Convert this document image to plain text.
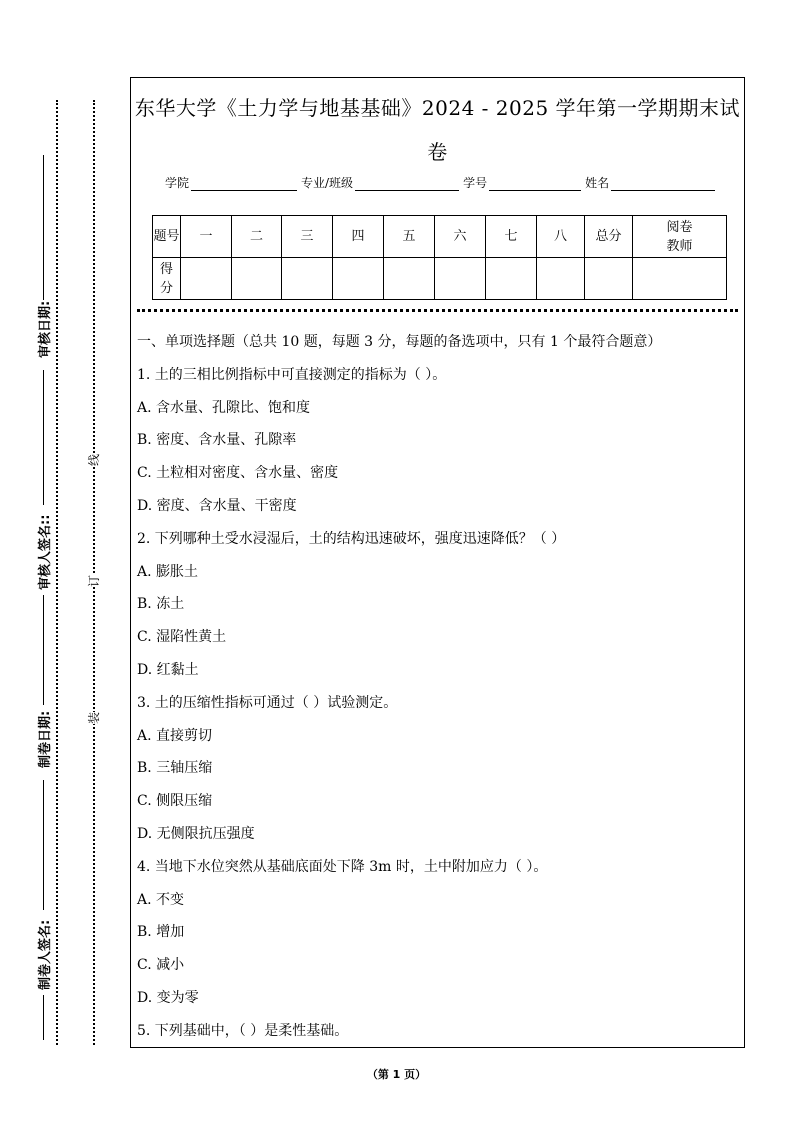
审核日期:
审核人签名::
制卷日期:
制卷人签名:
线
订
装
东华大学《土力学与地基基础》2024 - 2025 学年第一学期期末试
卷
学院	专业/班级	学号	姓名
题号	一	二	三	四	五	六	七	八	总分	阅卷教师
得分										
一、单项选择题（总共 10 题，每题 3 分，每题的备选项中，只有 1 个最符合题意）
1. 土的三相比例指标中可直接测定的指标为（ ）。
A. 含水量、孔隙比、饱和度
B. 密度、含水量、孔隙率
C. 土粒相对密度、含水量、密度
D. 密度、含水量、干密度
2. 下列哪种土受水浸湿后，土的结构迅速破坏，强度迅速降低？（ ）
A. 膨胀土
B. 冻土
C. 湿陷性黄土
D. 红黏土
3. 土的压缩性指标可通过（ ）试验测定。
A. 直接剪切
B. 三轴压缩
C. 侧限压缩
D. 无侧限抗压强度
4. 当地下水位突然从基础底面处下降 3m 时，土中附加应力（ ）。
A. 不变
B. 增加
C. 减小
D. 变为零
5. 下列基础中，（ ）是柔性基础。
（第 1 页）
